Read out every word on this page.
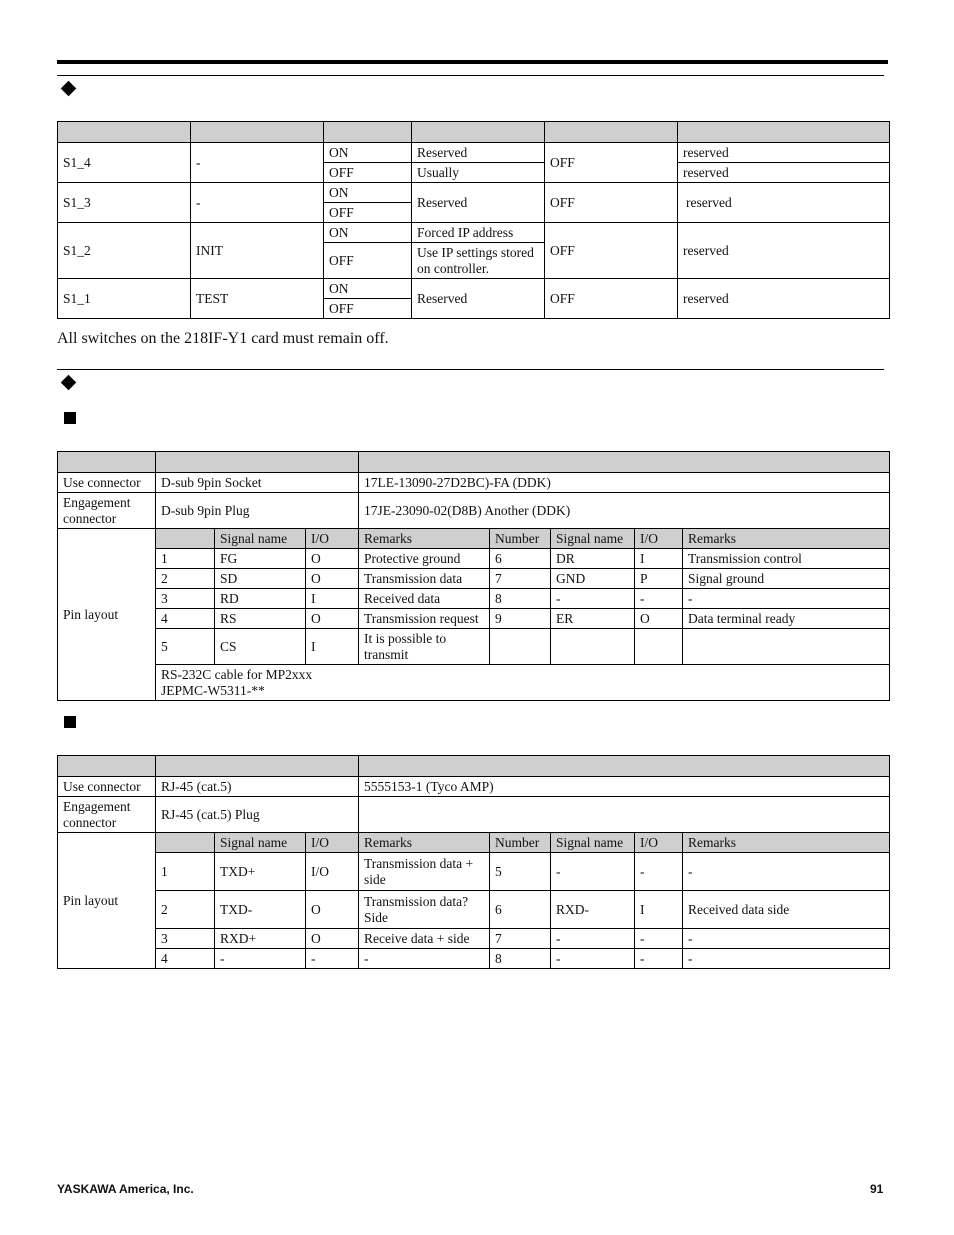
S1_4	-	ON	Reserved	OFF	reserved
		OFF	Usually		reserved
S1_3	-	ON	Reserved	OFF	reserved
		OFF			
S1_2	INIT	ON	Forced IP address	OFF	reserved
		OFF	Use IP settings stored
on controller.		
S1_1	TEST	ON	Reserved	OFF	reserved
		OFF			
All switches on the 218IF-Y1 card must remain off.

Use connector	D-sub 9pin Socket			17LE-13090-27D2BC)-FA (DDK)				
Engagement
connector	D-sub 9pin Plug			17JE-23090-02(D8B) Another (DDK)				
Pin layout		Signal name	I/O	Remarks	Number	Signal name	I/O	Remarks
	1	FG	O	Protective ground	6	DR	I	Transmission control
	2	SD	O	Transmission data	7	GND	P	Signal ground
	3	RD	I	Received data	8	-	-	-
	4	RS	O	Transmission request	9	ER	O	Data terminal ready
	5	CS	I	It is possible to transmit				
	RS-232C cable for MP2xxx
JEPMC-W5311-**							

Use connector	RJ-45 (cat.5)			5555153-1 (Tyco AMP)				
Engagement
connector	RJ-45 (cat.5) Plug							
Pin layout		Signal name	I/O	Remarks	Number	Signal name	I/O	Remarks
	1	TXD+	I/O	Transmission data + side	5	-	-	-
	2	TXD-	O	Transmission data?Side	6	RXD-	I	Received data side
	3	RXD+	O	Receive data + side	7	-	-	-
	4	-	-	-	8	-	-	-
YASKAWA America, Inc.	91
